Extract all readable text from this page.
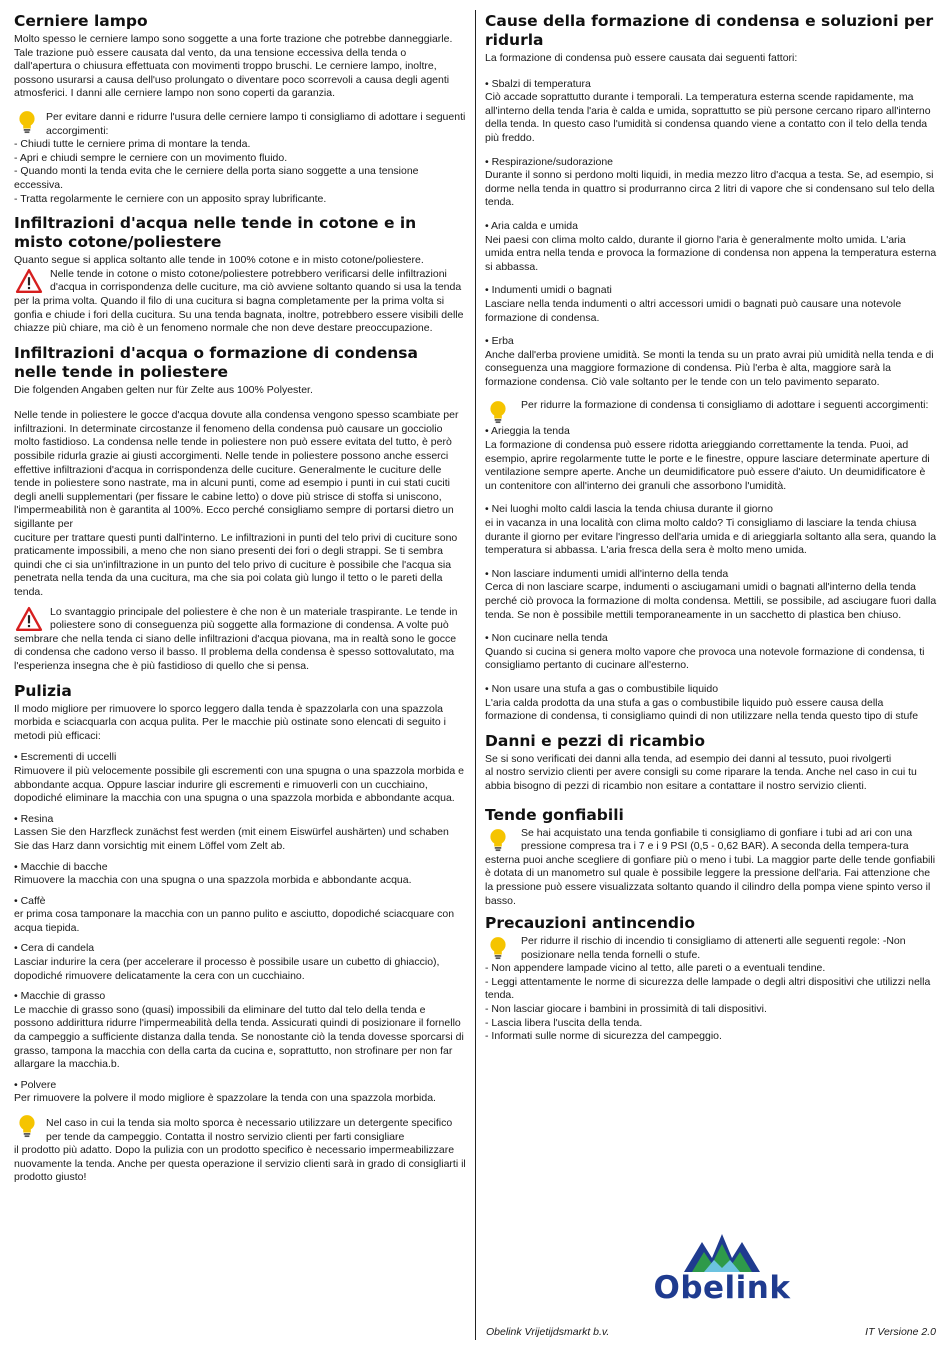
Cerniere lampo

Molto spesso le cerniere lampo sono soggette a una forte trazione che potrebbe danneggiarle. Tale trazione può essere causata dal vento, da una tensione eccessiva della tenda o dall'apertura o chiusura effettuata con movimenti troppo bruschi. Le cerniere lampo, inoltre, possono usurarsi a causa dell'uso prolungato o diventare poco scorrevoli a causa degli agenti atmosferici. I danni alle cerniere lampo non sono coperti da garanzia.

Per evitare danni e ridurre l'usura delle cerniere lampo ti consigliamo di adottare i seguenti accorgimenti:

- Chiudi tutte le cerniere prima di montare la tenda.
- Apri e chiudi sempre le cerniere con un movimento fluido.
- Quando monti la tenda evita che le cerniere della porta siano soggette a una tensione eccessiva.
- Tratta regolarmente le cerniere con un apposito spray lubrificante.
Infiltrazioni d'acqua nelle tende in cotone e in misto cotone/poliestere

Quanto segue si applica soltanto alle tende in 100% cotone e in misto cotone/poliestere.

Nelle tende in cotone o misto cotone/poliestere potrebbero verificarsi delle infiltrazioni d'acqua in corrispondenza delle cuciture, ma ciò avviene soltanto quando si usa la tenda per la prima volta. Quando il filo di una cucitura si bagna completamente per la prima volta si gonfia e chiude i fori della cucitura. Su una tenda bagnata, inoltre, potrebbero essere visibili delle chiazze più chiare, ma ciò è un fenomeno normale che non deve destare preoccupazione.

Infiltrazioni d'acqua o formazione di condensa nelle tende in poliestere

Die folgenden Angaben gelten nur für Zelte aus 100% Polyester.

Nelle tende in poliestere le gocce d'acqua dovute alla condensa vengono spesso scambiate per infiltrazioni. In determinate circostanze il fenomeno della condensa può causare un gocciolio molto fastidioso. La condensa nelle tende in poliestere non può essere evitata del tutto, è però possibile ridurla grazie ai giusti accorgimenti. Nelle tende in poliestere possono anche esserci effettive infiltrazioni d'acqua in corrispondenza delle cuciture. Generalmente le cuciture delle tende in poliestere sono nastrate, ma in alcuni punti, come ad esempio i punti in cui stati cuciti degli anelli supplementari (per fissare le cabine letto) o dove più strisce di stoffa si uniscono, l'impermeabilità non è garantita al 100%. Ecco perché consigliamo sempre di portarsi dietro un sigillante per

cuciture per trattare questi punti dall'interno. Le infiltrazioni in punti del telo privi di cuciture sono praticamente impossibili, a meno che non siano presenti dei fori o degli strappi. Se ti sembra quindi che ci sia un'infiltrazione in un punto del telo privo di cuciture è possibile che l'acqua sia penetrata nella tenda da una cucitura, ma che sia poi colata giù lungo il tetto o le pareti della tenda.

Lo svantaggio principale del poliestere è che non è un materiale traspirante. Le tende in poliestere sono di conseguenza più soggette alla formazione di condensa. A volte può sembrare che nella tenda ci siano delle infiltrazioni d'acqua piovana, ma in realtà sono le gocce di condensa che cadono verso il basso. Il problema della condensa è spesso sottovalutato, ma l'esperienza insegna che è più fastidioso di quello che si pensa.

Pulizia

Il modo migliore per rimuovere lo sporco leggero dalla tenda è spazzolarla con una spazzola morbida e sciacquarla con acqua pulita. Per le macchie più ostinate sono elencati di seguito i metodi più efficaci:

• Escrementi di uccelli
Rimuovere il più velocemente possibile gli escrementi con una spugna o una spazzola morbida e abbondante acqua. Oppure lasciar indurire gli escrementi e rimuoverli con un cucchiaino, dopodiché eliminare la macchia con una spugna o una spazzola morbida e abbondante acqua.
• Resina
Lassen Sie den Harzfleck zunächst fest werden (mit einem Eiswürfel aushärten) und schaben Sie das Harz dann vorsichtig mit einem Löffel vom Zelt ab.
• Macchie di bacche
Rimuovere la macchia con una spugna o una spazzola morbida e abbondante acqua.
• Caffè
er prima cosa tamponare la macchia con un panno pulito e asciutto, dopodiché sciacquare con acqua tiepida.
• Cera di candela
Lasciar indurire la cera (per accelerare il processo è possibile usare un cubetto di ghiaccio), dopodiché rimuovere delicatamente la cera con un cucchiaino.
• Macchie di grasso
Le macchie di grasso sono (quasi) impossibili da eliminare del tutto dal telo della tenda e possono addirittura ridurre l'impermeabilità della tenda. Assicurati quindi di posizionare il fornello da campeggio a sufficiente distanza dalla tenda. Se nonostante ciò la tenda dovesse sporcarsi di grasso, tampona la macchia con della carta da cucina e, soprattutto, non strofinare per non far allargare la macchia.b.
• Polvere
Per rimuovere la polvere il modo migliore è spazzolare la tenda con una spazzola morbida.

Nel caso in cui la tenda sia molto sporca è necessario utilizzare un detergente specifico per tende da campeggio. Contatta il nostro servizio clienti per farti consigliare

il prodotto più adatto. Dopo la pulizia con un prodotto specifico è necessario impermeabilizzare nuovamente la tenda. Anche per questa operazione il servizio clienti sarà in grado di consigliarti il prodotto giusto!

Cause della formazione di condensa e soluzioni per ridurla

La formazione di condensa può essere causata dai seguenti fattori:

• Sbalzi di temperatura
Ciò accade soprattutto durante i temporali. La temperatura esterna scende rapidamente, ma all'interno della tenda l'aria è calda e umida, soprattutto se più persone cercano riparo all'interno della tenda. In questo caso l'umidità si condensa quando viene a contatto con il telo della tenda più freddo.
• Respirazione/sudorazione
Durante il sonno si perdono molti liquidi, in media mezzo litro d'acqua a testa. Se, ad esempio, si dorme nella tenda in quattro si produrranno circa 2 litri di vapore che si condensano sul telo della tenda.
• Aria calda e umida
Nei paesi con clima molto caldo, durante il giorno l'aria è generalmente molto umida. L'aria umida entra nella tenda e provoca la formazione di condensa non appena la temperatura esterna si abbassa.
• Indumenti umidi o bagnati
Lasciare nella tenda indumenti o altri accessori umidi o bagnati può causare una notevole formazione di condensa.
• Erba
Anche dall'erba proviene umidità. Se monti la tenda su un prato avrai più umidità nella tenda e di conseguenza una maggiore formazione di condensa. Più l'erba è alta, maggiore sarà la formazione condensa. Ciò vale soltanto per le tende con un telo pavimento separato.

Per ridurre la formazione di condensa ti consigliamo di adottare i seguenti accorgimenti:

• Arieggia la tenda
La formazione di condensa può essere ridotta arieggiando correttamente la tenda. Puoi, ad esempio, aprire regolarmente tutte le porte e le finestre, oppure lasciare determinate aperture di ventilazione sempre aperte. Anche un deumidificatore può essere d'aiuto. Un deumidificatore è un contenitore con all'interno dei granuli che assorbono l'umidità.
• Nei luoghi molto caldi lascia la tenda chiusa durante il giorno
ei in vacanza in una località con clima molto caldo? Ti consigliamo di lasciare la tenda chiusa durante il giorno per evitare l'ingresso dell'aria umida e di arieggiarla soltanto alla sera, quando la temperatura si abbassa. L'aria fresca della sera è molto meno umida.
• Non lasciare indumenti umidi all'interno della tenda
Cerca di non lasciare scarpe, indumenti o asciugamani umidi o bagnati all'interno della tenda perché ciò provoca la formazione di molta condensa. Mettili, se possibile, ad asciugare fuori dalla tenda. Se non è possibile mettili temporaneamente in un sacchetto di plastica ben chiuso.
• Non cucinare nella tenda
Quando si cucina si genera molto vapore che provoca una notevole formazione di condensa, ti consigliamo pertanto di cucinare all'esterno.
• Non usare una stufa a gas o combustibile liquido
L'aria calda prodotta da una stufa a gas o combustibile liquido può essere causa della formazione di condensa, ti consigliamo quindi di non utilizzare nella tenda questo tipo di stufe
Danni e pezzi di ricambio

Se si sono verificati dei danni alla tenda, ad esempio dei danni al tessuto, puoi rivolgerti

al nostro servizio clienti per avere consigli su come riparare la tenda. Anche nel caso in cui tu abbia bisogno di pezzi di ricambio non esitare a contattare il nostro servizio clienti.

Tende gonfiabili

Se hai acquistato una tenda gonfiabile ti consigliamo di gonfiare i tubi ad ari con una pressione compresa tra i 7 e i 9 PSI (0,5 - 0,62 BAR). A seconda della tempera-tura esterna puoi anche scegliere di gonfiare più o meno i tubi. La maggior parte delle tende gonfiabili è dotata di un manometro sul quale è possibile leggere la pressione dell'aria. Fai attenzione che la pressione può essere visualizzata soltanto quando il cilindro della pompa viene spinto verso il basso.

Precauzioni antincendio

Per ridurre il rischio di incendio ti consigliamo di attenerti alle seguenti regole: -Non posizionare nella tenda fornelli o stufe.

- Non appendere lampade vicino al tetto, alle pareti o a eventuali tendine.
- Leggi attentamente le norme di sicurezza delle lampade o degli altri dispositivi che utilizzi nella tenda.
- Non lasciar giocare i bambini in prossimità di tali dispositivi.
- Lascia libera l'uscita della tenda.
- Informati sulle norme di sicurezza del campeggio.
Obelink
Obelink Vrijetijdsmarkt b.v.	IT Versione 2.0
